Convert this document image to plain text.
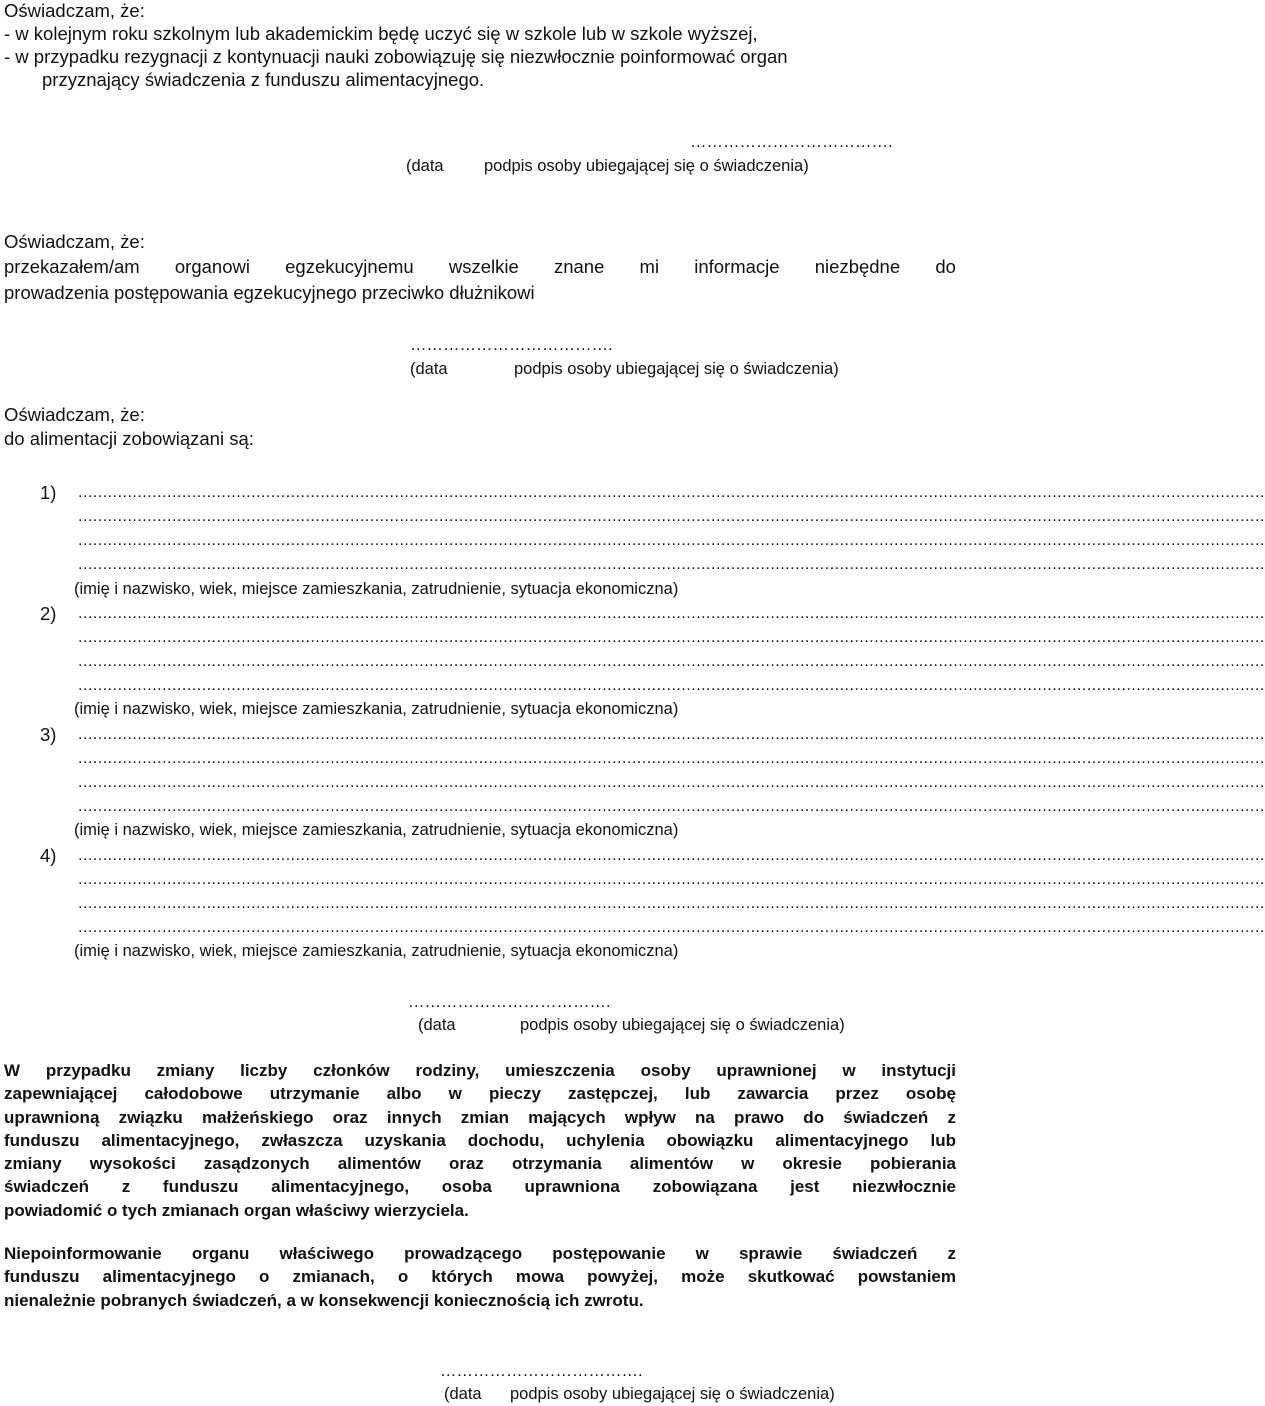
Oświadczam, że:
- w kolejnym roku szkolnym lub akademickim będę uczyć się w szkole lub w szkole wyższej,
- w przypadku rezygnacji z kontynuacji nauki zobowiązuję się niezwłocznie poinformować organ
przyznający świadczenia z funduszu alimentacyjnego.
……………………………….
(data podpis osoby ubiegającej się o świadczenia)
Oświadczam, że:
przekazałem/am organowi egzekucyjnemu wszelkie znane mi informacje niezbędne do
prowadzenia postępowania egzekucyjnego przeciwko dłużnikowi
……………………………….
(data	podpis osoby ubiegającej się o świadczenia)
Oświadczam, że:
do alimentacji zobowiązani są:
1) ................................................................................................................................................................................................................................................
................................................................................................................................................................................................................................................
................................................................................................................................................................................................................................................
................................................................................................................................................................................................................................................
(imię i nazwisko, wiek, miejsce zamieszkania, zatrudnienie, sytuacja ekonomiczna)
2) ................................................................................................................................................................................................................................................
................................................................................................................................................................................................................................................
................................................................................................................................................................................................................................................
................................................................................................................................................................................................................................................
(imię i nazwisko, wiek, miejsce zamieszkania, zatrudnienie, sytuacja ekonomiczna)
3) ................................................................................................................................................................................................................................................
................................................................................................................................................................................................................................................
................................................................................................................................................................................................................................................
................................................................................................................................................................................................................................................
(imię i nazwisko, wiek, miejsce zamieszkania, zatrudnienie, sytuacja ekonomiczna)
4) ................................................................................................................................................................................................................................................
................................................................................................................................................................................................................................................
................................................................................................................................................................................................................................................
................................................................................................................................................................................................................................................
(imię i nazwisko, wiek, miejsce zamieszkania, zatrudnienie, sytuacja ekonomiczna)
……………………………….
(data	podpis osoby ubiegającej się o świadczenia)
W przypadku zmiany liczby członków rodziny, umieszczenia osoby uprawnionej w instytucji
zapewniającej całodobowe utrzymanie albo w pieczy zastępczej, lub zawarcia przez osobę
uprawnioną związku małżeńskiego oraz innych zmian mających wpływ na prawo do świadczeń z
funduszu alimentacyjnego, zwłaszcza uzyskania dochodu, uchylenia obowiązku alimentacyjnego lub
zmiany wysokości zasądzonych alimentów oraz otrzymania alimentów w okresie pobierania
świadczeń z funduszu alimentacyjnego, osoba uprawniona zobowiązana jest niezwłocznie
powiadomić o tych zmianach organ właściwy wierzyciela.
Niepoinformowanie organu właściwego prowadzącego postępowanie w sprawie świadczeń z
funduszu alimentacyjnego o zmianach, o których mowa powyżej, może skutkować powstaniem
nienależnie pobranych świadczeń, a w konsekwencji koniecznością ich zwrotu.
……………………………….
(data podpis osoby ubiegającej się o świadczenia)
